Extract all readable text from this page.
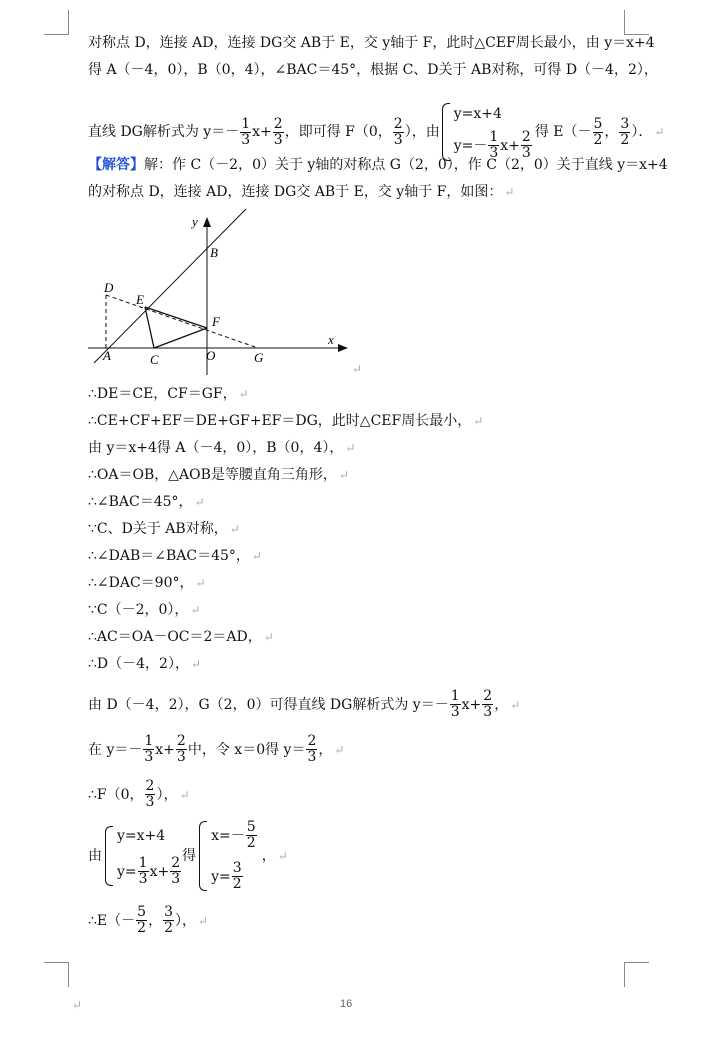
对称点 D，连接 AD，连接 DG交 AB于 E，交 y轴于 F，此时△CEF周长最小，由 y＝x+4
得 A（－4，0），B（0，4），∠BAC＝45°，根据 C、D关于 AB对称，可得 D（－4，2），
直线 DG解析式为 $y=- \frac{1}{3} x+ \frac{2}{3}$ ，即可得 F（0， $\frac{2}{3}$ ），由
y=x+4
$y=- \frac{1}{3} x+ \frac{2}{3}$ 得 $E(- \frac{5}{2}$ ， $\frac{3}{2}$ ）． ↵
【解答】解：作 C（－2，0）关于 y轴的对称点 G（2，0），作 C（2，0）关于直线 y＝x+4
的对称点 D，连接 AD，连接 DG交 AB于 E，交 y轴于 F，如图： ↵
y
x
B
D
E
F
A	C	O	G
↵
∴DE＝CE，CF＝GF， ↵
∴CE+CF+EF＝DE+GF+EF＝DG，此时△CEF周长最小， ↵
由 y＝x+4得 A（－4，0），B（0，4）， ↵
∴OA＝OB，△AOB是等腰直角三角形， ↵
∴∠BAC＝45°， ↵
∵C、D关于 AB对称， ↵
∴∠DAB＝∠BAC＝45°， ↵
∴∠DAC＝90°， ↵
∵C（－2，0）， ↵
∴AC＝OA－OC＝2＝AD， ↵
∴D（－4，2）， ↵
由 D（－4，2），G（2，0）可得直线 DG解析式为 $y=- \frac{1}{3} x+ \frac{2}{3}$ ， ↵
在 $y=- \frac{1}{3} x+ \frac{2}{3}$ 中，令 x＝0得 $y= \frac{2}{3}$ ， ↵
∴F（0， $\frac{2}{3}$ ）， ↵
由
y=x+4
$y= \frac{1}{3} x+ \frac{2}{3}$ 得
$x=- \frac{5}{2}$
$y= \frac{3}{2}$
， ↵
∴E（－ $\frac{5}{2}$ ， $\frac{3}{2}$ ）， ↵
↵	16
